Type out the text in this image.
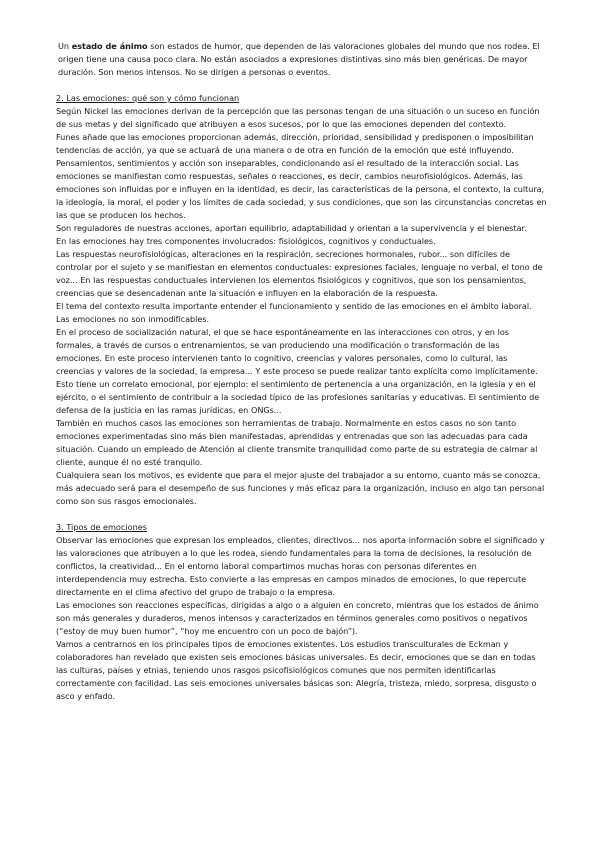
Un estado de ánimo son estados de humor, que dependen de las valoraciones globales del mundo que nos rodea. El origen tiene una causa poco clara. No están asociados a expresiones distintivas sino más bien genéricas. De mayor duración. Son menos intensos. No se dirigen a personas o eventos.

2. Las emociones: qué son y cómo funcionan

Según Nickel las emociones derivan de la percepción que las personas tengan de una situación o un suceso en función de sus metas y del significado que atribuyen a esos sucesos, por lo que las emociones dependen del contexto.

Funes añade que las emociones proporcionan además, dirección, prioridad, sensibilidad y predisponen o imposibilitan tendencias de acción, ya que se actuará de una manera o de otra en función de la emoción que esté influyendo.

Pensamientos, sentimientos y acción son inseparables, condicionando así el resultado de la interacción social. Las emociones se manifiestan como respuestas, señales o reacciones, es decir, cambios neurofisiológicos. Además, las emociones son influidas por e influyen en la identidad, es decir, las características de la persona, el contexto, la cultura, la ideología, la moral, el poder y los límites de cada sociedad, y sus condiciones, que son las circunstancias concretas en las que se producen los hechos.

Son reguladores de nuestras acciones, aportan equilibrio, adaptabilidad y orientan a la supervivencia y el bienestar.

En las emociones hay tres componentes involucrados: fisiológicos, cognitivos y conductuales.

Las respuestas neurofisiológicas, alteraciones en la respiración, secreciones hormonales, rubor... son difíciles de controlar por el sujeto y se manifiestan en elementos conductuales: expresiones faciales, lenguaje no verbal, el tono de voz... En las respuestas conductuales intervienen los elementos fisiológicos y cognitivos, que son los pensamientos, creencias que se desencadenan ante la situación e influyen en la elaboración de la respuesta.

El tema del contexto resulta importante entender el funcionamiento y sentido de las emociones en el ámbito laboral. Las emociones no son inmodificables.

En el proceso de socialización natural, el que se hace espontáneamente en las interacciones con otros, y en los formales, a través de cursos o entrenamientos, se van produciendo una modificación o transformación de las emociones. En este proceso intervienen tanto lo cognitivo, creencias y valores personales, como lo cultural, las creencias y valores de la sociedad, la empresa... Y este proceso se puede realizar tanto explícita como implícitamente. Esto tiene un correlato emocional, por ejemplo: el sentimiento de pertenencia a una organización, en la iglesia y en el ejército, o el sentimiento de contribuir a la sociedad típico de las profesiones sanitarias y educativas. El sentimiento de defensa de la justicia en las ramas jurídicas, en ONGs...

También en muchos casos las emociones son herramientas de trabajo. Normalmente en estos casos no son tanto emociones experimentadas sino más bien manifestadas, aprendidas y entrenadas que son las adecuadas para cada situación. Cuando un empleado de Atención al cliente transmite tranquilidad como parte de su estrategia de calmar al cliente, aunque él no esté tranquilo.

Cualquiera sean los motivos, es evidente que para el mejor ajuste del trabajador a su entorno, cuanto más se conozca, más adecuado será para el desempeño de sus funciones y más eficaz para la organización, incluso en algo tan personal como son sus rasgos emocionales.

3. Tipos de emociones

Observar las emociones que expresan los empleados, clientes, directivos... nos aporta información sobre el significado y las valoraciones que atribuyen a lo que les rodea, siendo fundamentales para la toma de decisiones, la resolución de conflictos, la creatividad... En el entorno laboral compartimos muchas horas con personas diferentes en interdependencia muy estrecha. Esto convierte a las empresas en campos minados de emociones, lo que repercute directamente en el clima afectivo del grupo de trabajo o la empresa.

Las emociones son reacciones específicas, dirigidas a algo o a alguien en concreto, mientras que los estados de ánimo son más generales y duraderos, menos intensos y caracterizados en términos generales como positivos o negativos (“estoy de muy buen humor”, “hoy me encuentro con un poco de bajón”).

Vamos a centrarnos en los principales tipos de emociones existentes. Los estudios transculturales de Eckman y colaboradores han revelado que existen seis emociones básicas universales. Es decir, emociones que se dan en todas las culturas, países y etnias, teniendo unos rasgos psicofisiológicos comunes que nos permiten identificarlas correctamente con facilidad. Las seis emociones universales básicas son: Alegría, tristeza, miedo, sorpresa, disgusto o asco y enfado.
